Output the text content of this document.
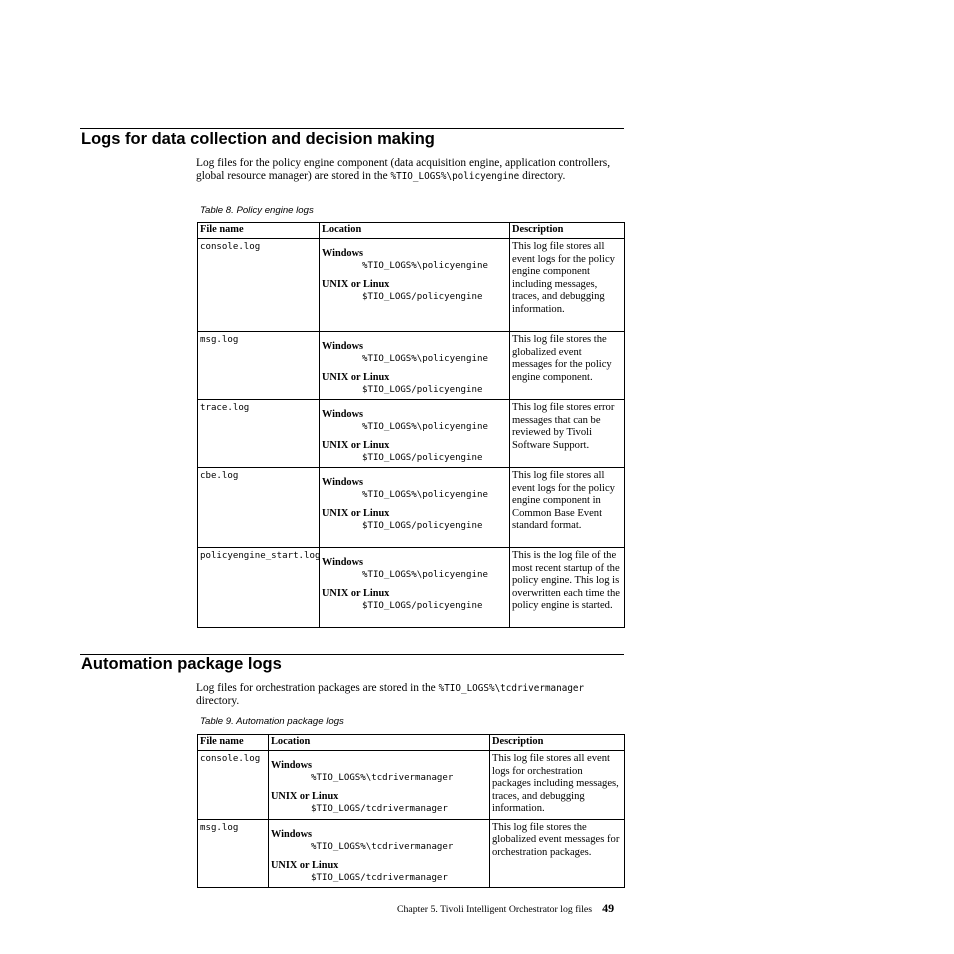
Logs for data collection and decision making

Log files for the policy engine component (data acquisition engine, application controllers, global resource manager) are stored in the %TIO_LOGS%\policyengine directory.

Table 8. Policy engine logs

File name	Location	Description
console.log	Windows
%TIO_LOGS%\policyengine
UNIX or Linux
$TIO_LOGS/policyengine	This log file stores all event logs for the policy engine component including messages, traces, and debugging information.
msg.log	Windows
%TIO_LOGS%\policyengine
UNIX or Linux
$TIO_LOGS/policyengine	This log file stores the globalized event messages for the policy engine component.
trace.log	Windows
%TIO_LOGS%\policyengine
UNIX or Linux
$TIO_LOGS/policyengine	This log file stores error messages that can be reviewed by Tivoli Software Support.
cbe.log	Windows
%TIO_LOGS%\policyengine
UNIX or Linux
$TIO_LOGS/policyengine	This log file stores all event logs for the policy engine component in Common Base Event standard format.
policyengine_start.log	Windows
%TIO_LOGS%\policyengine
UNIX or Linux
$TIO_LOGS/policyengine	This is the log file of the most recent startup of the policy engine. This log is overwritten each time the policy engine is started.
Automation package logs

Log files for orchestration packages are stored in the %TIO_LOGS%\tcdrivermanager directory.

Table 9. Automation package logs

File name	Location	Description
console.log	Windows
%TIO_LOGS%\tcdrivermanager
UNIX or Linux
$TIO_LOGS/tcdrivermanager	This log file stores all event logs for orchestration packages including messages, traces, and debugging information.
msg.log	Windows
%TIO_LOGS%\tcdrivermanager
UNIX or Linux
$TIO_LOGS/tcdrivermanager	This log file stores the globalized event messages for orchestration packages.

Chapter 5. Tivoli Intelligent Orchestrator log files 49
